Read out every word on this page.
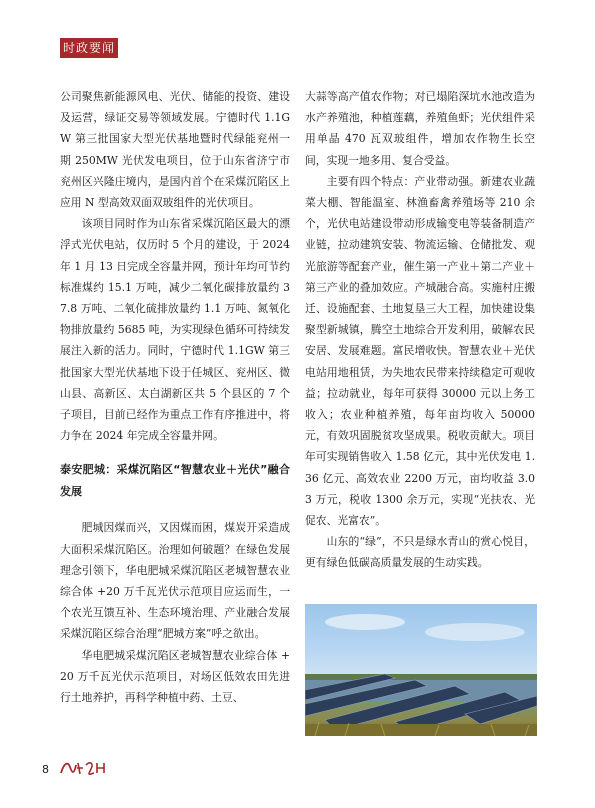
时政要闻

公司聚焦新能源风电、光伏、储能的投资、建设及运营，绿证交易等领域发展。宁德时代 1.1GW 第三批国家大型光伏基地暨时代绿能兖州一期 250MW 光伏发电项目，位于山东省济宁市兖州区兴隆庄境内，是国内首个在采煤沉陷区上应用 N 型高效双面双玻组件的光伏项目。

该项目同时作为山东省采煤沉陷区最大的漂浮式光伏电站，仅历时 5 个月的建设，于 2024 年 1 月 13 日完成全容量并网，预计年均可节约标准煤约 15.1 万吨，减少二氧化碳排放量约 37.8 万吨、二氧化硫排放量约 1.1 万吨、氮氧化物排放量约 5685 吨，为实现绿色循环可持续发展注入新的活力。同时，宁德时代 1.1GW 第三批国家大型光伏基地下设于任城区、兖州区、微山县、高新区、太白湖新区共 5 个县区的 7 个子项目，目前已经作为重点工作有序推进中，将力争在 2024 年完成全容量并网。

泰安肥城：采煤沉陷区“智慧农业＋光伏”融合发展

肥城因煤而兴，又因煤而困，煤炭开采造成大面积采煤沉陷区。治理如何破题？在绿色发展理念引领下，华电肥城采煤沉陷区老城智慧农业综合体 +20 万千瓦光伏示范项目应运而生，一个农光互馈互补、生态环境治理、产业融合发展采煤沉陷区综合治理“肥城方案”呼之欲出。

华电肥城采煤沉陷区老城智慧农业综合体 +20 万千瓦光伏示范项目，对场区低效农田先进行土地养护，再科学种植中药、土豆、

大蒜等高产值农作物；对已塌陷深坑水池改造为水产养殖池，种植莲藕，养殖鱼虾；光伏组件采用单晶 470 瓦双玻组件，增加农作物生长空间，实现一地多用、复合受益。

主要有四个特点：产业带动强。新建农业蔬菜大棚、智能温室、林渔畜禽养殖场等 210 余个，光伏电站建设带动形成输变电等装备制造产业链，拉动建筑安装、物流运输、仓储批发、观光旅游等配套产业，催生第一产业＋第二产业＋第三产业的叠加效应。产城融合高。实施村庄搬迁、设施配套、土地复垦三大工程，加快建设集聚型新城镇，腾空土地综合开发利用，破解农民安居、发展难题。富民增收快。智慧农业＋光伏电站用地租赁，为失地农民带来持续稳定可观收益；拉动就业，每年可获得 30000 元以上务工收入；农业种植养殖，每年亩均收入 50000 元，有效巩固脱贫攻坚成果。税收贡献大。项目年可实现销售收入 1.58 亿元，其中光伏发电 1.36 亿元、高效农业 2200 万元，亩均收益 3.03 万元，税收 1300 余万元，实现“光扶农、光促农、光富农”。

山东的“绿”，不只是绿水青山的赏心悦目，更有绿色低碳高质量发展的生动实践。

8
